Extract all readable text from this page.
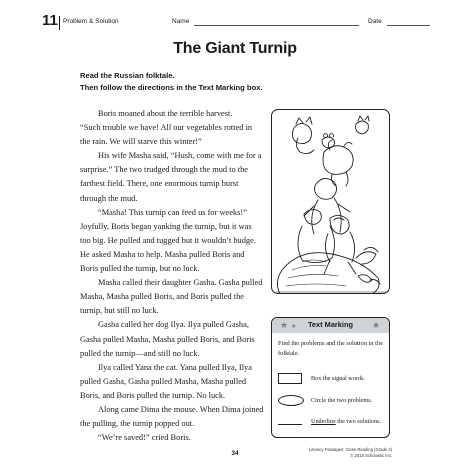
11 Problem & Solution	Name	Date
The Giant Turnip
Read the Russian folktale.
Then follow the directions in the Text Marking box.

Boris moaned about the terrible harvest.

“Such trouble we have! All our vegetables rotted in the rain. We will starve this winter!”

His wife Masha said, “Hush, come with me for a surprise.” The two trudged through the mud to the farthest field. There, one enormous turnip burst through the mud.

“Masha! This turnip can feed us for weeks!” Joyfully, Boris began yanking the turnip, but it was too big. He pulled and tugged but it wouldn’t budge. He asked Masha to help. Masha pulled Boris and Boris pulled the turnip, but no luck.

Masha called their daughter Gasha. Gasha pulled Masha, Masha pulled Boris, and Boris pulled the turnip, but still no luck.

Gasha called her dog Ilya. Ilya pulled Gasha, Gasha pulled Masha, Masha pulled Boris, and Boris pulled the turnip—and still no luck.

Ilya called Yana the cat. Yana pulled Ilya, Ilya pulled Gasha, Gasha pulled Masha, Masha pulled Boris, and Boris pulled the turnip. No luck.

Along came Dima the mouse. When Dima joined the pulling, the turnip popped out.

“We’re saved!” cried Boris.

★ ★	★
Text Marking
Find the problems and the solution in the folktale.
Box the signal words.
Circle the two problems.
Underline the two solutions.
34
Literacy Passages: Close Reading (Grade 3)
© 2018 Scholastic Inc.
